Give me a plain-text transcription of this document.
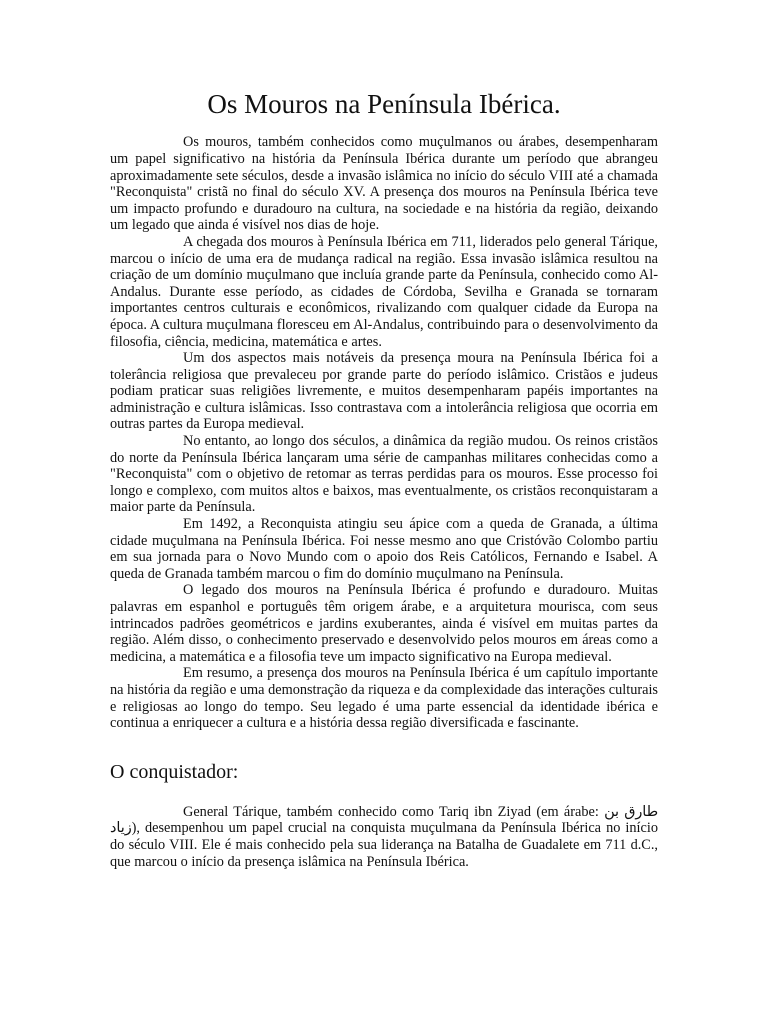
Os Mouros na Península Ibérica.

Os mouros, também conhecidos como muçulmanos ou árabes, desempenharam um papel significativo na história da Península Ibérica durante um período que abrangeu aproximadamente sete séculos, desde a invasão islâmica no início do século VIII até a chamada "Reconquista" cristã no final do século XV. A presença dos mouros na Península Ibérica teve um impacto profundo e duradouro na cultura, na sociedade e na história da região, deixando um legado que ainda é visível nos dias de hoje.

A chegada dos mouros à Península Ibérica em 711, liderados pelo general Tárique, marcou o início de uma era de mudança radical na região. Essa invasão islâmica resultou na criação de um domínio muçulmano que incluía grande parte da Península, conhecido como Al-Andalus. Durante esse período, as cidades de Córdoba, Sevilha e Granada se tornaram importantes centros culturais e econômicos, rivalizando com qualquer cidade da Europa na época. A cultura muçulmana floresceu em Al-Andalus, contribuindo para o desenvolvimento da filosofia, ciência, medicina, matemática e artes.

Um dos aspectos mais notáveis da presença moura na Península Ibérica foi a tolerância religiosa que prevaleceu por grande parte do período islâmico. Cristãos e judeus podiam praticar suas religiões livremente, e muitos desempenharam papéis importantes na administração e cultura islâmicas. Isso contrastava com a intolerância religiosa que ocorria em outras partes da Europa medieval.

No entanto, ao longo dos séculos, a dinâmica da região mudou. Os reinos cristãos do norte da Península Ibérica lançaram uma série de campanhas militares conhecidas como a "Reconquista" com o objetivo de retomar as terras perdidas para os mouros. Esse processo foi longo e complexo, com muitos altos e baixos, mas eventualmente, os cristãos reconquistaram a maior parte da Península.

Em 1492, a Reconquista atingiu seu ápice com a queda de Granada, a última cidade muçulmana na Península Ibérica. Foi nesse mesmo ano que Cristóvão Colombo partiu em sua jornada para o Novo Mundo com o apoio dos Reis Católicos, Fernando e Isabel. A queda de Granada também marcou o fim do domínio muçulmano na Península.

O legado dos mouros na Península Ibérica é profundo e duradouro. Muitas palavras em espanhol e português têm origem árabe, e a arquitetura mourisca, com seus intrincados padrões geométricos e jardins exuberantes, ainda é visível em muitas partes da região. Além disso, o conhecimento preservado e desenvolvido pelos mouros em áreas como a medicina, a matemática e a filosofia teve um impacto significativo na Europa medieval.

Em resumo, a presença dos mouros na Península Ibérica é um capítulo importante na história da região e uma demonstração da riqueza e da complexidade das interações culturais e religiosas ao longo do tempo. Seu legado é uma parte essencial da identidade ibérica e continua a enriquecer a cultura e a história dessa região diversificada e fascinante.

O conquistador:

General Tárique, também conhecido como Tariq ibn Ziyad (em árabe: طارق بن زياد), desempenhou um papel crucial na conquista muçulmana da Península Ibérica no início do século VIII. Ele é mais conhecido pela sua liderança na Batalha de Guadalete em 711 d.C., que marcou o início da presença islâmica na Península Ibérica.
